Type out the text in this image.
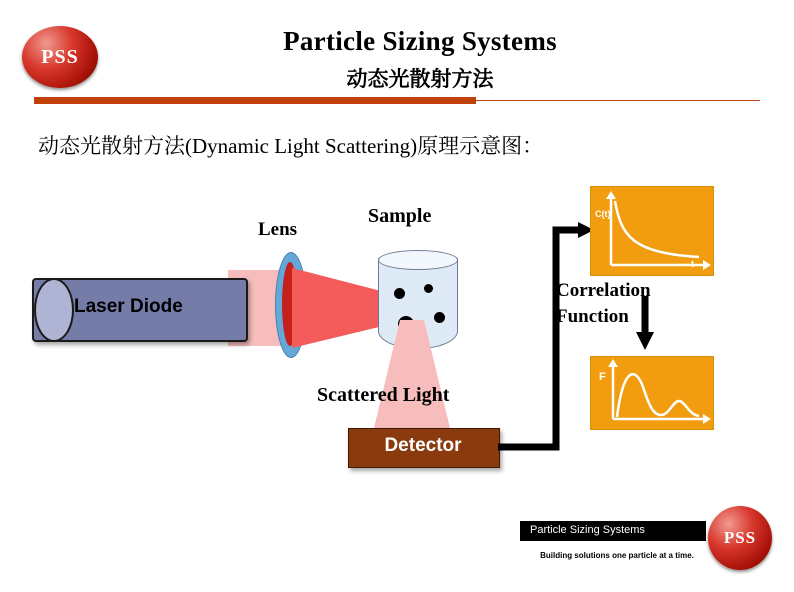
PSS
Particle Sizing Systems
动态光散射方法
动态光散射方法(Dynamic Light Scattering)原理示意图：
Laser Diode
Lens
Sample
Scattered Light
Detector
Correlation
Function
C(t)
t
F
Particle Sizing Systems
Building solutions one particle at a time.
PSS
